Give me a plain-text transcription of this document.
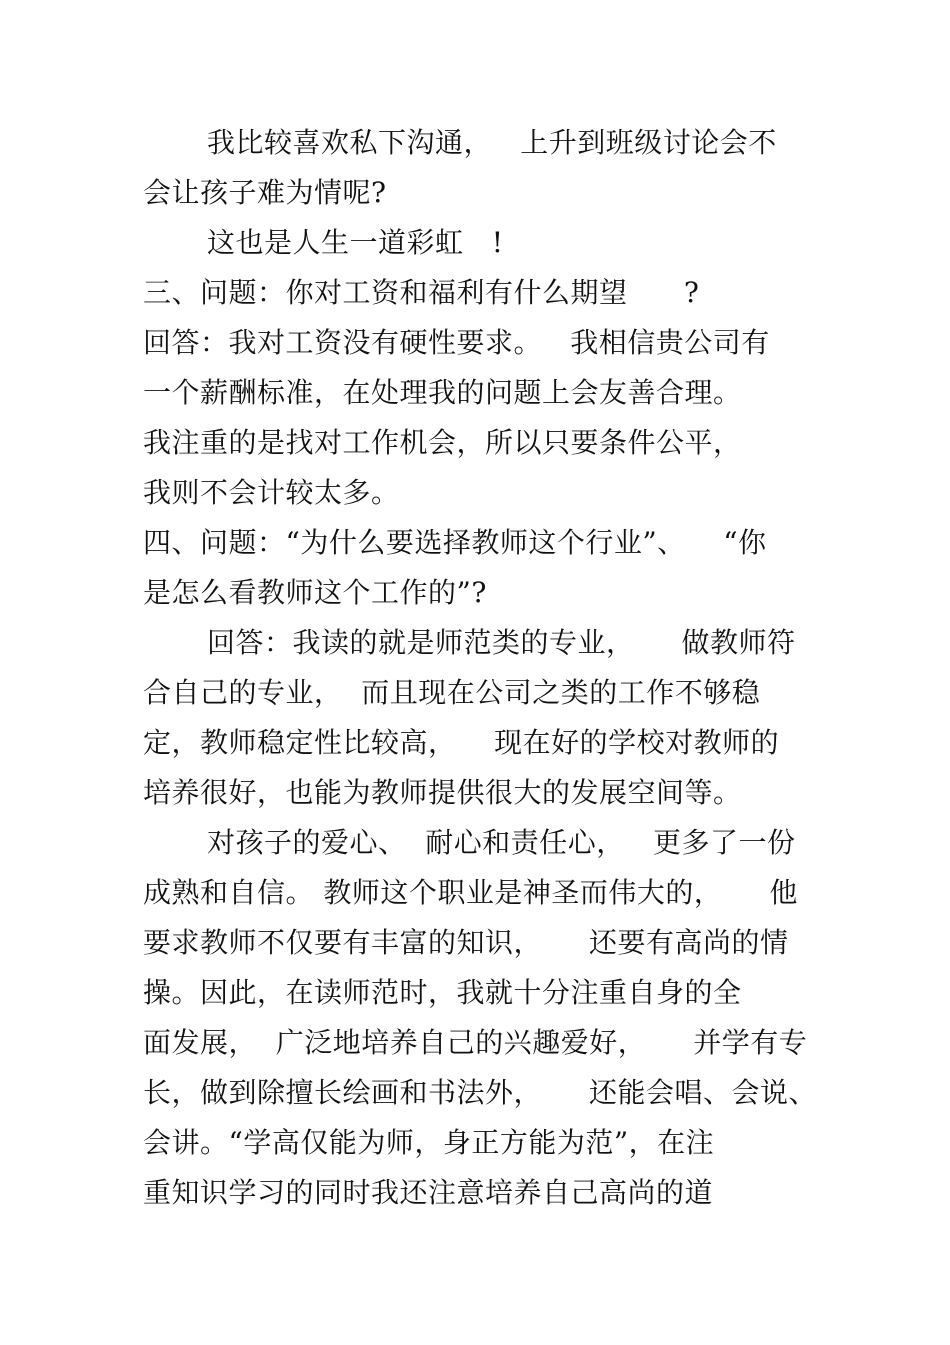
我比较喜欢私下沟通，   上升到班级讨论会不
会让孩子难为情呢?
这也是人生一道彩虹   !
三、问题：你对工资和福利有什么期望      ?
回答：我对工资没有硬性要求。   我相信贵公司有
一个薪酬标准，在处理我的问题上会友善合理。
我注重的是找对工作机会，所以只要条件公平，
我则不会计较太多。
四、问题：“为什么要选择教师这个行业”、    “你
是怎么看教师这个工作的”?
回答：我读的就是师范类的专业，     做教师符
合自己的专业，  而且现在公司之类的工作不够稳
定，教师稳定性比较高，    现在好的学校对教师的
培养很好，也能为教师提供很大的发展空间等。
对孩子的爱心、  耐心和责任心，   更多了一份
成熟和自信。 教师这个职业是神圣而伟大的，     他
要求教师不仅要有丰富的知识，     还要有高尚的情
操。因此，在读师范时，我就十分注重自身的全
面发展，  广泛地培养自己的兴趣爱好，     并学有专
长，做到除擅长绘画和书法外，     还能会唱、会说、
会讲。“学高仅能为师，身正方能为范”，在注
重知识学习的同时我还注意培养自己高尚的道
